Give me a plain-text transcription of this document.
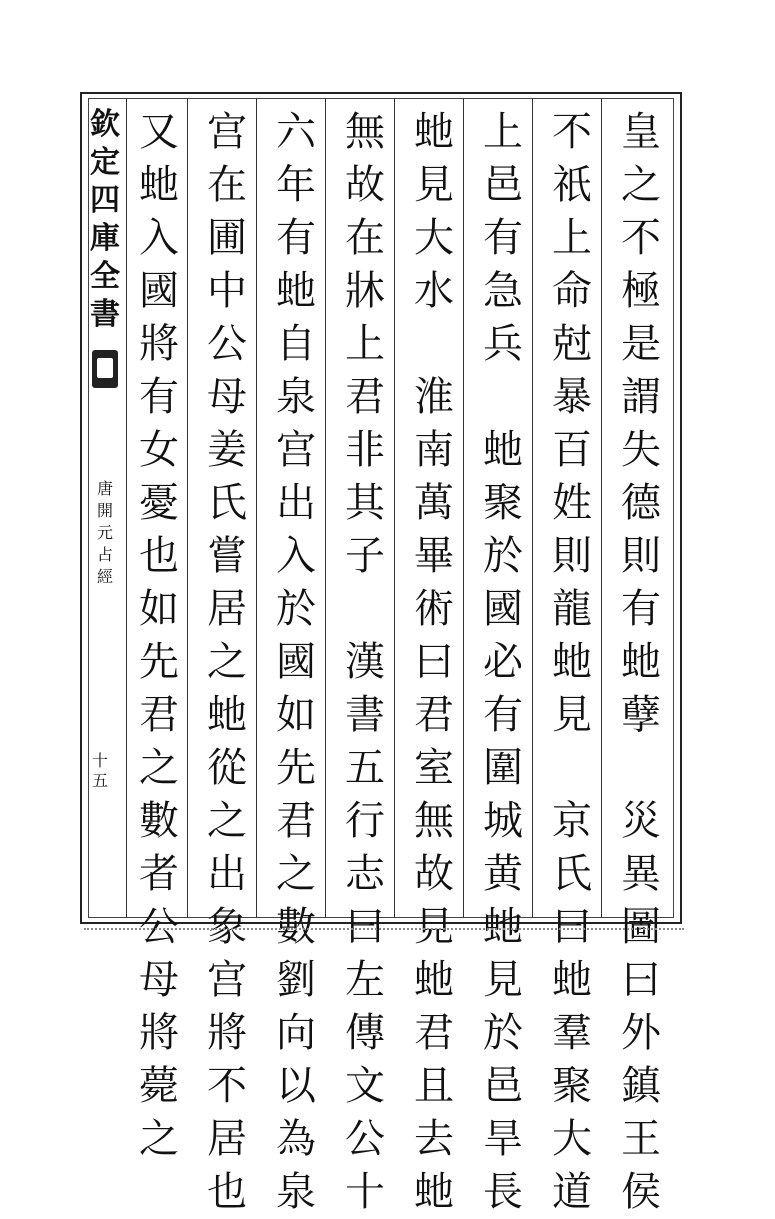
欽
定
四
庫
全
書
唐
開
元
占
經
十
五
皇
之
不
極
是
謂
失
德
則
有
虵
孽
災
異
圖
曰
外
鎮
王
侯
不
祇
上
命
尅
暴
百
姓
則
龍
虵
見
京
氏
曰
虵
羣
聚
大
道
上
邑
有
急
兵
虵
聚
於
國
必
有
圍
城
黄
虵
見
於
邑
旱
長
虵
見
大
水
淮
南
萬
畢
術
曰
君
室
無
故
見
虵
君
且
去
虵
無
故
在
牀
上
君
非
其
子
漢
書
五
行
志
曰
左
傳
文
公
十
六
年
有
虵
自
泉
宫
出
入
於
國
如
先
君
之
數
劉
向
以
為
泉
宫
在
圃
中
公
母
姜
氏
嘗
居
之
虵
從
之
出
象
宫
將
不
居
也
又
虵
入
國
將
有
女
憂
也
如
先
君
之
數
者
公
母
將
薨
之
